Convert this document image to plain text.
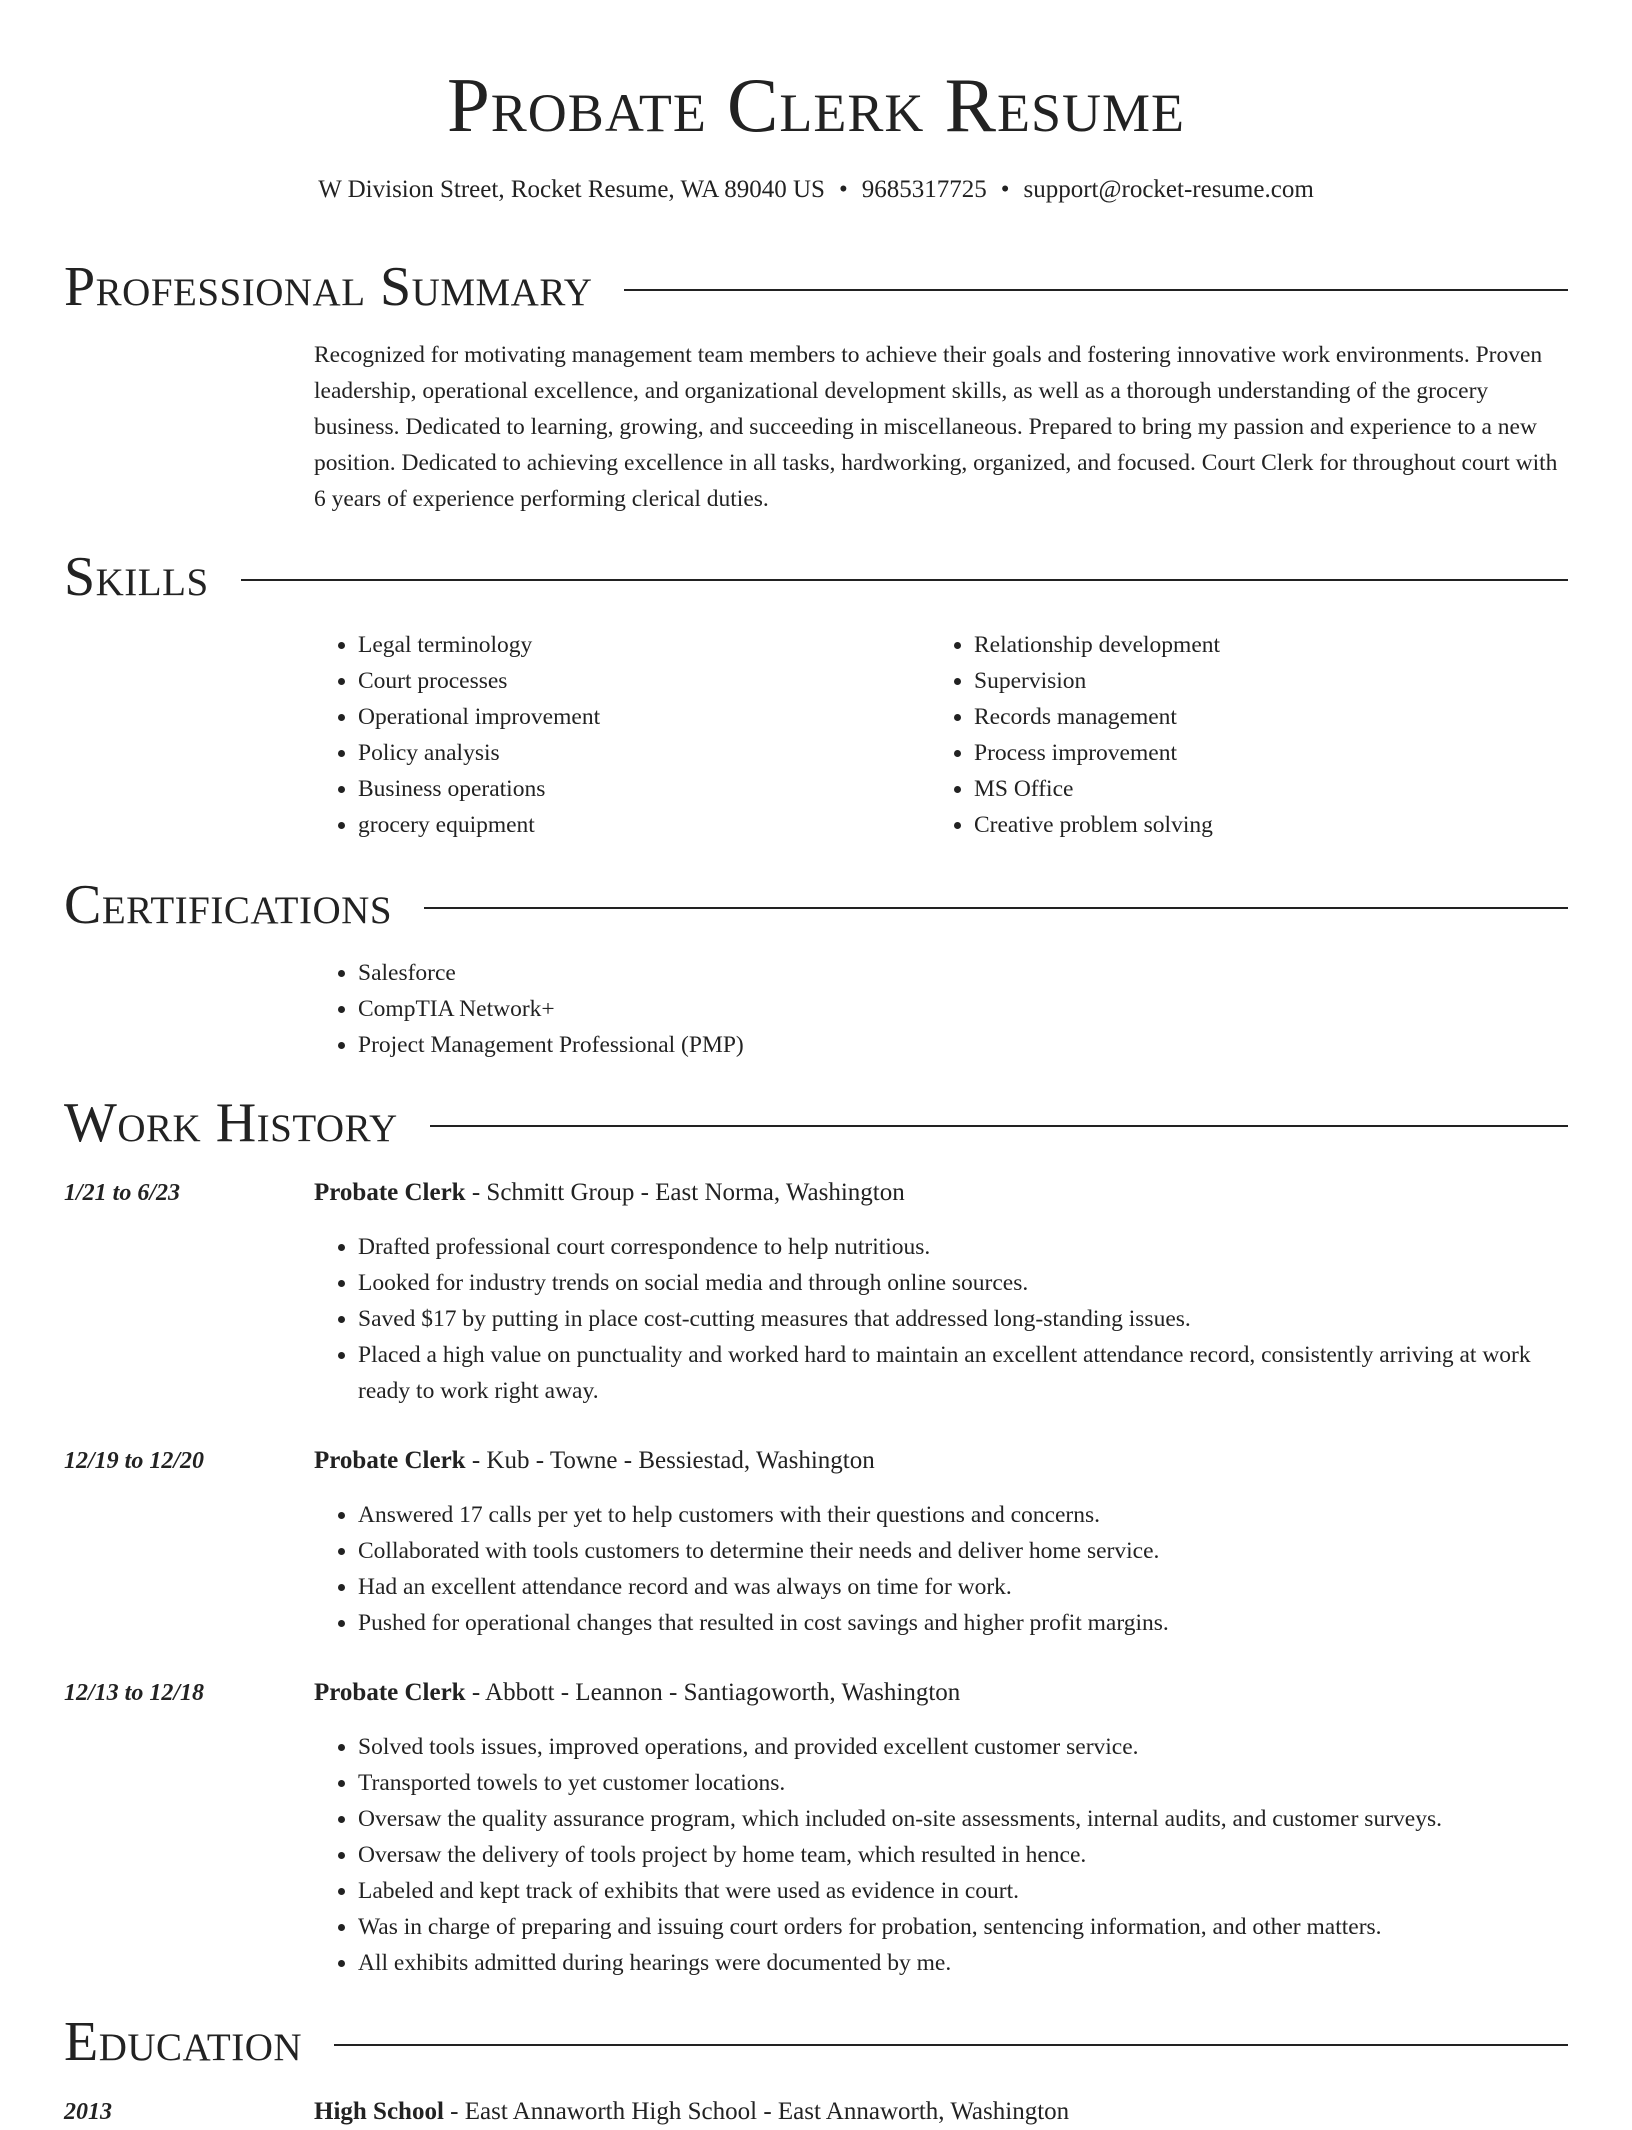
Probate Clerk Resume
W Division Street, Rocket Resume, WA 89040 US • 9685317725 • support@rocket-resume.com
Professional Summary

Recognized for motivating management team members to achieve their goals and fostering innovative work environments. Proven leadership, operational excellence, and organizational development skills, as well as a thorough understanding of the grocery business. Dedicated to learning, growing, and succeeding in miscellaneous. Prepared to bring my passion and experience to a new position. Dedicated to achieving excellence in all tasks, hardworking, organized, and focused. Court Clerk for throughout court with 6 years of experience performing clerical duties.

Skills
• Legal terminology
• Court processes
• Operational improvement
• Policy analysis
• Business operations
• grocery equipment
• Relationship development
• Supervision
• Records management
• Process improvement
• MS Office
• Creative problem solving
Certifications
• Salesforce
• CompTIA Network+
• Project Management Professional (PMP)
Work History
1/21 to 6/23	Probate Clerk - Schmitt Group - East Norma, Washington
• Drafted professional court correspondence to help nutritious.
• Looked for industry trends on social media and through online sources.
• Saved $17 by putting in place cost-cutting measures that addressed long-standing issues.
• Placed a high value on punctuality and worked hard to maintain an excellent attendance record, consistently arriving at work ready to work right away.
12/19 to 12/20	Probate Clerk - Kub - Towne - Bessiestad, Washington
• Answered 17 calls per yet to help customers with their questions and concerns.
• Collaborated with tools customers to determine their needs and deliver home service.
• Had an excellent attendance record and was always on time for work.
• Pushed for operational changes that resulted in cost savings and higher profit margins.
12/13 to 12/18	Probate Clerk - Abbott - Leannon - Santiagoworth, Washington
• Solved tools issues, improved operations, and provided excellent customer service.
• Transported towels to yet customer locations.
• Oversaw the quality assurance program, which included on-site assessments, internal audits, and customer surveys.
• Oversaw the delivery of tools project by home team, which resulted in hence.
• Labeled and kept track of exhibits that were used as evidence in court.
• Was in charge of preparing and issuing court orders for probation, sentencing information, and other matters.
• All exhibits admitted during hearings were documented by me.
Education
2013	High School - East Annaworth High School - East Annaworth, Washington
